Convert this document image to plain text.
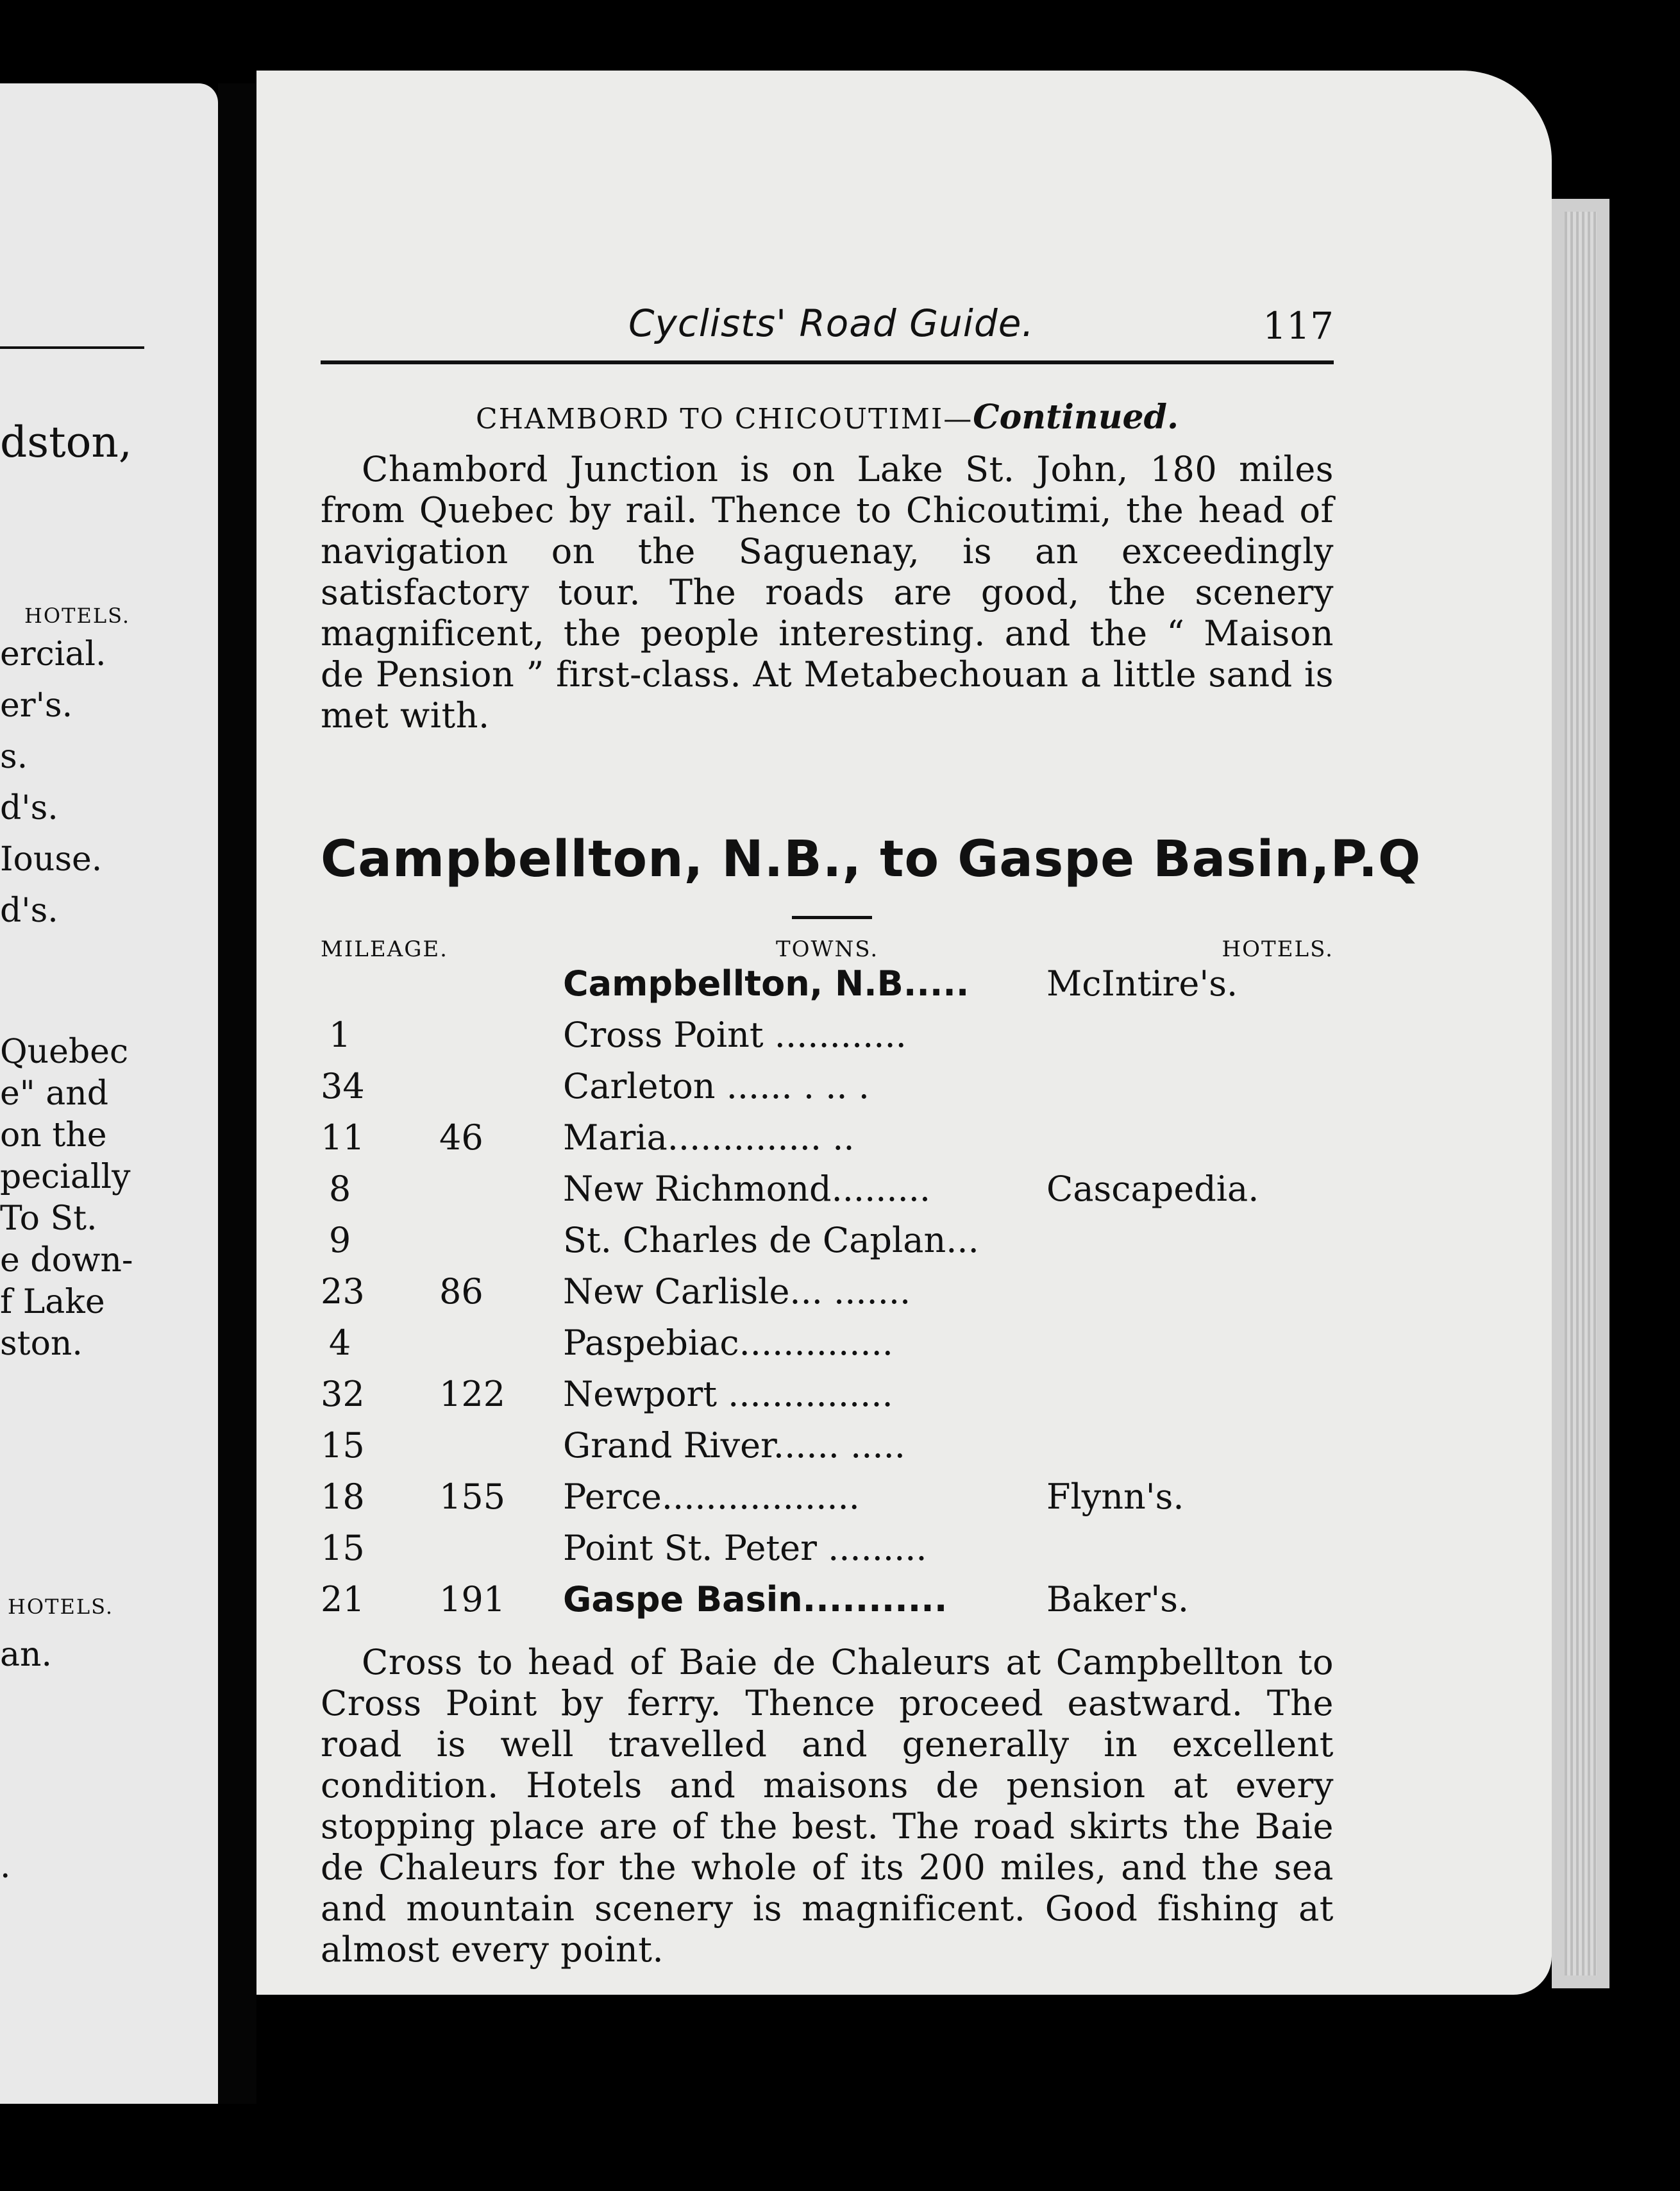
dston,
HOTELS.
ercial.
er's.
s.
d's.
Iouse.
d's.
Quebec
e" and
on the
pecially
To St.
e down-
f Lake
ston.
HOTELS.
an.
.
Cyclists' Road Guide.	117
CHAMBORD TO CHICOUTIMI—Continued.
Chambord Junction is on Lake St. John, 180 miles from Quebec by rail. Thence to Chicoutimi, the head of navigation on the Saguenay, is an exceedingly satisfactory tour. The roads are good, the scenery magnificent, the people interesting. and the “ Maison de Pension ” first-class. At Metabechouan a little sand is met with.
Campbellton, N.B., to Gaspe Basin,P.Q
MILEAGE.	TOWNS.	HOTELS.
Campbellton, N.B..... McIntire's.
1	Cross Point ............
34	Carleton ...... . .. .
11 46 Maria.............. ..
8	New Richmond.........	Cascapedia.
9	St. Charles de Caplan...
23 86 New Carlisle... .......
4	Paspebiac..............
32 122 Newport ...............
15	Grand River...... .....
18 155 Perce..................	Flynn's.
15	Point St. Peter .........
21 191 Gaspe Basin...........	Baker's.
Cross to head of Baie de Chaleurs at Campbellton to Cross Point by ferry. Thence proceed eastward. The road is well travelled and generally in excellent condition. Hotels and maisons de pension at every stopping place are of the best. The road skirts the Baie de Chaleurs for the whole of its 200 miles, and the sea and mountain scenery is magnificent. Good fishing at almost every point.
